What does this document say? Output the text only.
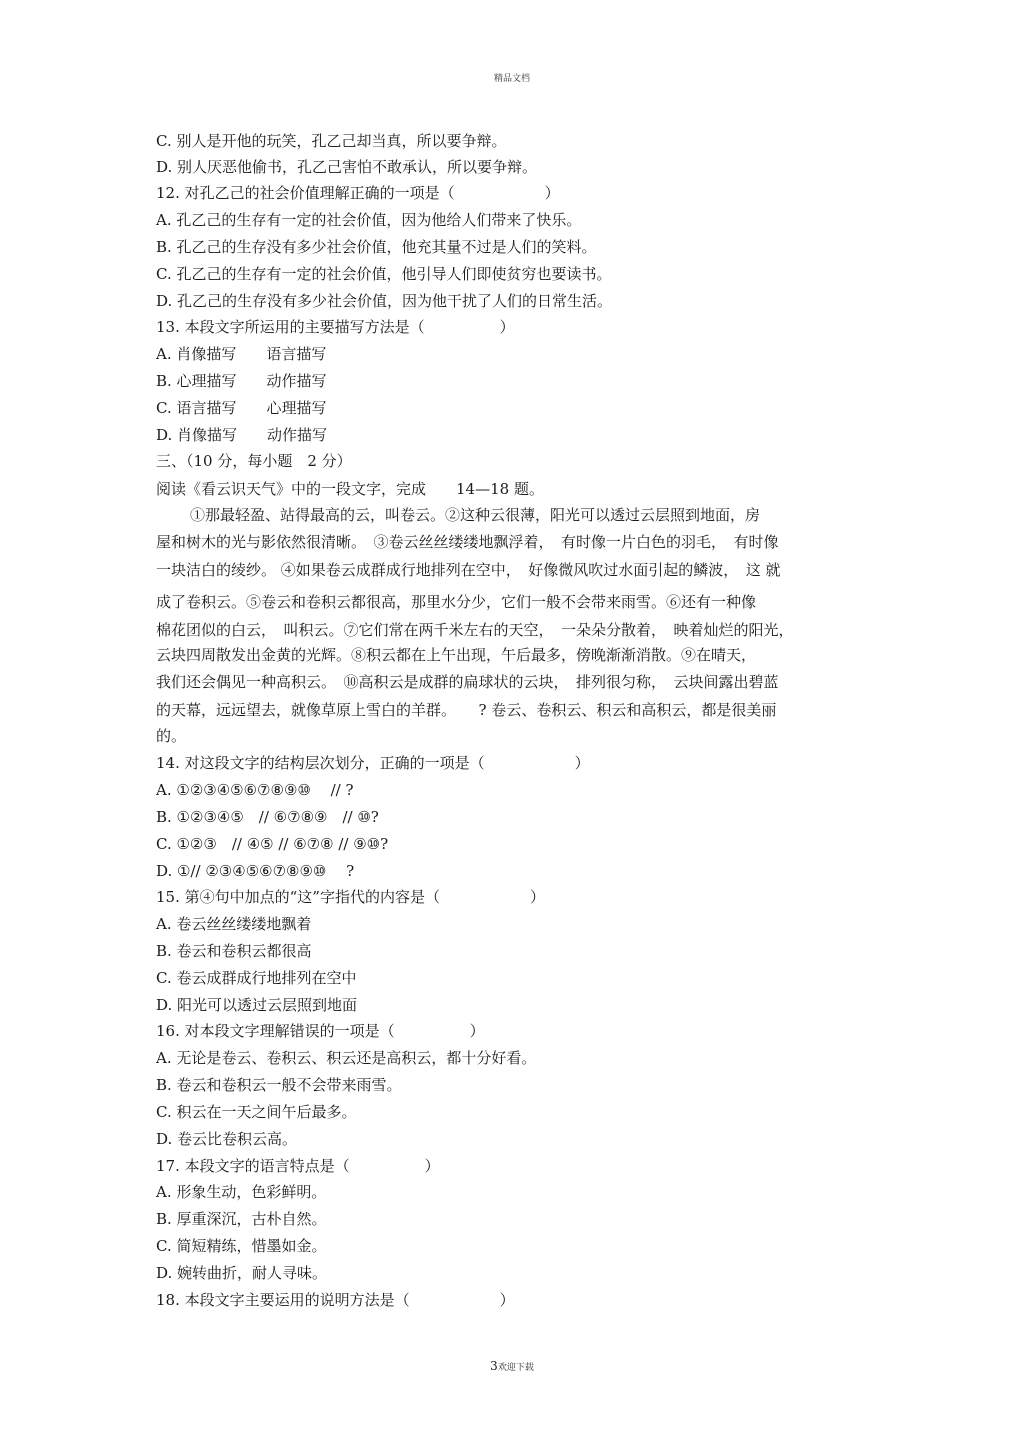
精品文档
C. 别人是开他的玩笑，孔乙己却当真，所以要争辩。
D. 别人厌恶他偷书，孔乙己害怕不敢承认，所以要争辩。
12. 对孔乙己的社会价值理解正确的一项是（　　　　　　）
A. 孔乙己的生存有一定的社会价值，因为他给人们带来了快乐。
B. 孔乙己的生存没有多少社会价值，他充其量不过是人们的笑料。
C. 孔乙己的生存有一定的社会价值，他引导人们即使贫穷也要读书。
D. 孔乙己的生存没有多少社会价值，因为他干扰了人们的日常生活。
13. 本段文字所运用的主要描写方法是（　　　　　）
A. 肖像描写　　语言描写
B. 心理描写　　动作描写
C. 语言描写　　心理描写
D. 肖像描写　　动作描写
三、（10 分，每小题　2 分）
阅读《看云识天气》中的一段文字，完成　　14—18 题。
①那最轻盈、站得最高的云，叫卷云。②这种云很薄，阳光可以透过云层照到地面，房
屋和树木的光与影依然很清晰。　③卷云丝丝缕缕地飘浮着，　有时像一片白色的羽毛，　有时像
一块洁白的绫纱。 ④如果卷云成群成行地排列在空中，　好像微风吹过水面引起的鳞波，　这 就
成了卷积云。⑤卷云和卷积云都很高，那里水分少，它们一般不会带来雨雪。⑥还有一种像
棉花团似的白云，　叫积云。⑦它们常在两千米左右的天空，　一朵朵分散着，　映着灿烂的阳光，
云块四周散发出金黄的光辉。⑧积云都在上午出现，午后最多，傍晚渐渐消散。⑨在晴天，
我们还会偶见一种高积云。　⑩高积云是成群的扁球状的云块，　排列很匀称，　云块间露出碧蓝
的天幕，远远望去，就像草原上雪白的羊群。　　? 卷云、卷积云、积云和高积云，都是很美丽
的。
14. 对这段文字的结构层次划分，正确的一项是（　　　　　　）
A. ①②③④⑤⑥⑦⑧⑨⑩　 // ?
B. ①②③④⑤　// ⑥⑦⑧⑨　// ⑩?
C. ①②③　// ④⑤ // ⑥⑦⑧ // ⑨⑩?
D. ①// ②③④⑤⑥⑦⑧⑨⑩　 ?
15. 第④句中加点的“这”字指代的内容是（　　　　　　）
A. 卷云丝丝缕缕地飘着
B. 卷云和卷积云都很高
C. 卷云成群成行地排列在空中
D. 阳光可以透过云层照到地面
16. 对本段文字理解错误的一项是（　　　　　）
A. 无论是卷云、卷积云、积云还是高积云，都十分好看。
B. 卷云和卷积云一般不会带来雨雪。
C. 积云在一天之间午后最多。
D. 卷云比卷积云高。
17. 本段文字的语言特点是（　　　　　）
A. 形象生动，色彩鲜明。
B. 厚重深沉，古朴自然。
C. 简短精练，惜墨如金。
D. 婉转曲折，耐人寻味。
18. 本段文字主要运用的说明方法是（　　　　　　）
3欢迎下载
